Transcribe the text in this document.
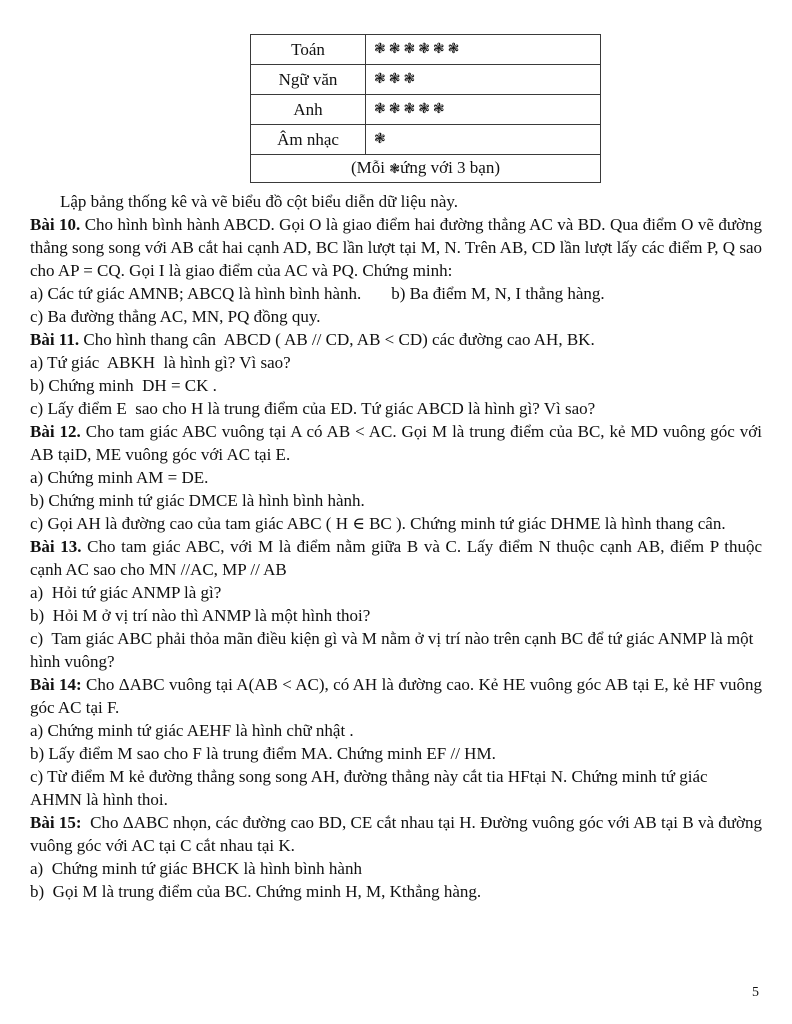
Toán	❃❃❃❃❃❃
Ngữ văn	❃❃❃
Anh	❃❃❃❃❃
Âm nhạc	❃
(Mỗi ❃ứng với 3 bạn)	

Lập bảng thống kê và vẽ biểu đồ cột biểu diễn dữ liệu này.

Bài 10. Cho hình bình hành ABCD. Gọi O là giao điểm hai đường thẳng AC và BD. Qua điểm O vẽ đường thẳng song song với AB cắt hai cạnh AD, BC lần lượt tại M, N. Trên AB, CD lần lượt lấy các điểm P, Q sao cho AP = CQ. Gọi I là giao điểm của AC và PQ. Chứng minh:

a) Các tứ giác AMNB; ABCQ là hình bình hành. b) Ba điểm M, N, I thẳng hàng.

c) Ba đường thẳng AC, MN, PQ đồng quy.

Bài 11. Cho hình thang cân  ABCD ( AB // CD, AB < CD) các đường cao AH, BK.

a) Tứ giác  ABKH  là hình gì? Vì sao?

b) Chứng minh  DH = CK .

c) Lấy điểm E  sao cho H là trung điểm của ED. Tứ giác ABCD là hình gì? Vì sao?

Bài 12. Cho tam giác ABC vuông tại A có AB < AC. Gọi M là trung điểm của BC, kẻ MD vuông góc với AB tạiD, ME vuông góc với AC tại E.

a) Chứng minh AM = DE.

b) Chứng minh tứ giác DMCE là hình bình hành.

c) Gọi AH là đường cao của tam giác ABC ( H ∈ BC ). Chứng minh tứ giác DHME là hình thang cân.

Bài 13. Cho tam giác ABC, với M là điểm nằm giữa B và C. Lấy điểm N thuộc cạnh AB, điểm P thuộc cạnh AC sao cho MN //AC, MP // AB

a)  Hỏi tứ giác ANMP là gì?

b)  Hỏi M ở vị trí nào thì ANMP là một hình thoi?

c)  Tam giác ABC phải thỏa mãn điều kiện gì và M nằm ở vị trí nào trên cạnh BC để tứ giác ANMP là một hình vuông?

Bài 14: Cho ΔABC vuông tại A(AB < AC), có AH là đường cao. Kẻ HE vuông góc AB tại E, kẻ HF vuông góc AC tại F.

a) Chứng minh tứ giác AEHF là hình chữ nhật .

b) Lấy điểm M sao cho F là trung điểm MA. Chứng minh EF // HM.

c) Từ điểm M kẻ đường thẳng song song AH, đường thẳng này cắt tia HFtại N. Chứng minh tứ giác AHMN là hình thoi.

Bài 15:  Cho ΔABC nhọn, các đường cao BD, CE cắt nhau tại H. Đường vuông góc với AB tại B và đường vuông góc với AC tại C cắt nhau tại K.

a)  Chứng minh tứ giác BHCK là hình bình hành

b)  Gọi M là trung điểm của BC. Chứng minh H, M, Kthẳng hàng.

5
